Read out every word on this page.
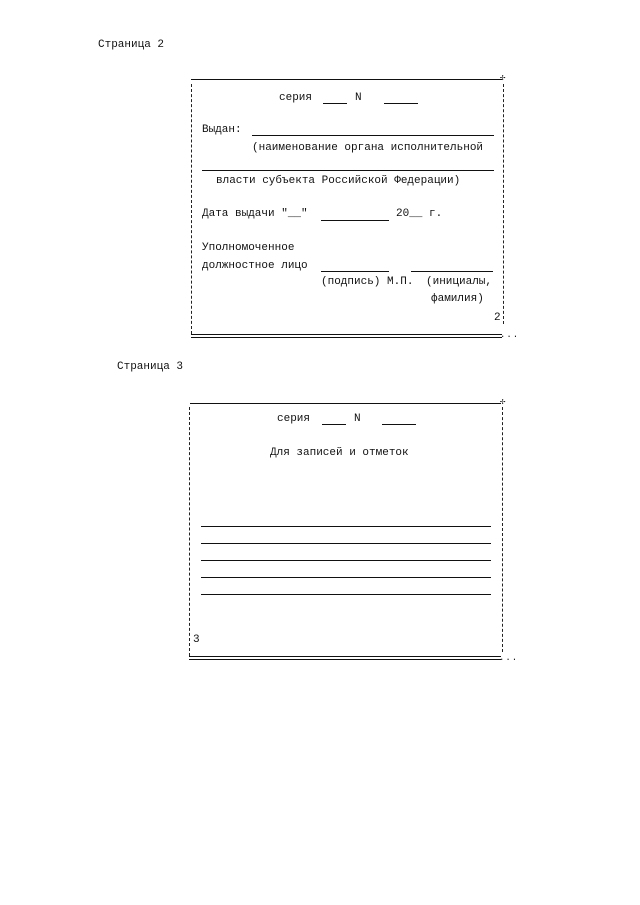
Страница 2
✢
···
серия	N
Выдан:
(наименование органа исполнительной
власти субъекта Российской Федерации)
Дата выдачи "__"	20__ г.
Уполномоченное
должностное лицо
(подпись) М.П. (инициалы,
фамилия)
2
Страница 3
✢
···
серия	N
Для записей и отметок
3
